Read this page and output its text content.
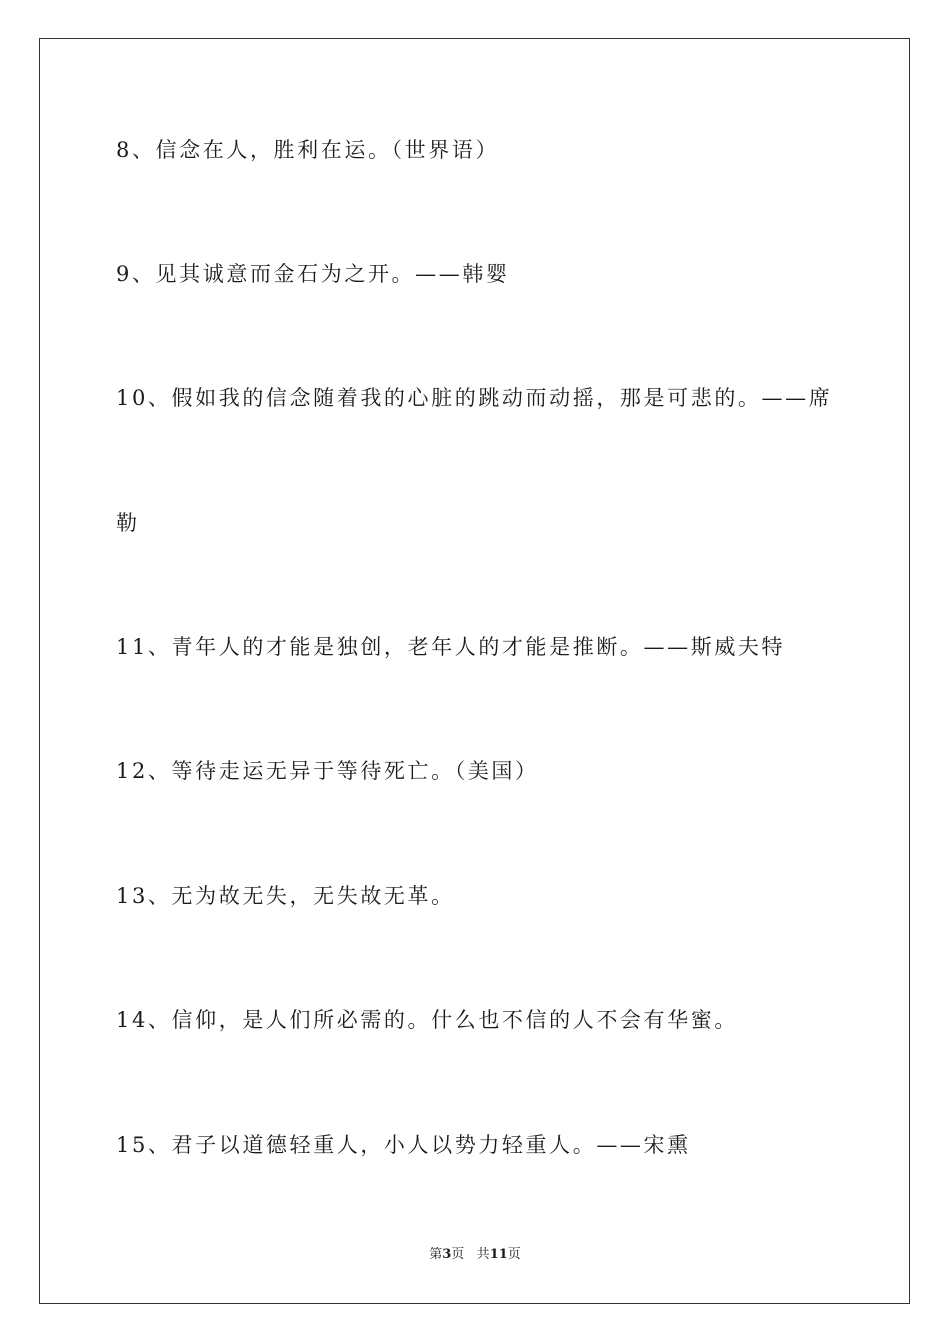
8、信念在人，胜利在运。（世界语）
9、见其诚意而金石为之开。——韩婴
10、假如我的信念随着我的心脏的跳动而动摇，那是可悲的。——席
勒
11、青年人的才能是独创，老年人的才能是推断。——斯威夫特
12、等待走运无异于等待死亡。（美国）
13、无为故无失，无失故无革。
14、信仰，是人们所必需的。什么也不信的人不会有华蜜。
15、君子以道德轻重人，小人以势力轻重人。——宋熏
第3页 共11页
